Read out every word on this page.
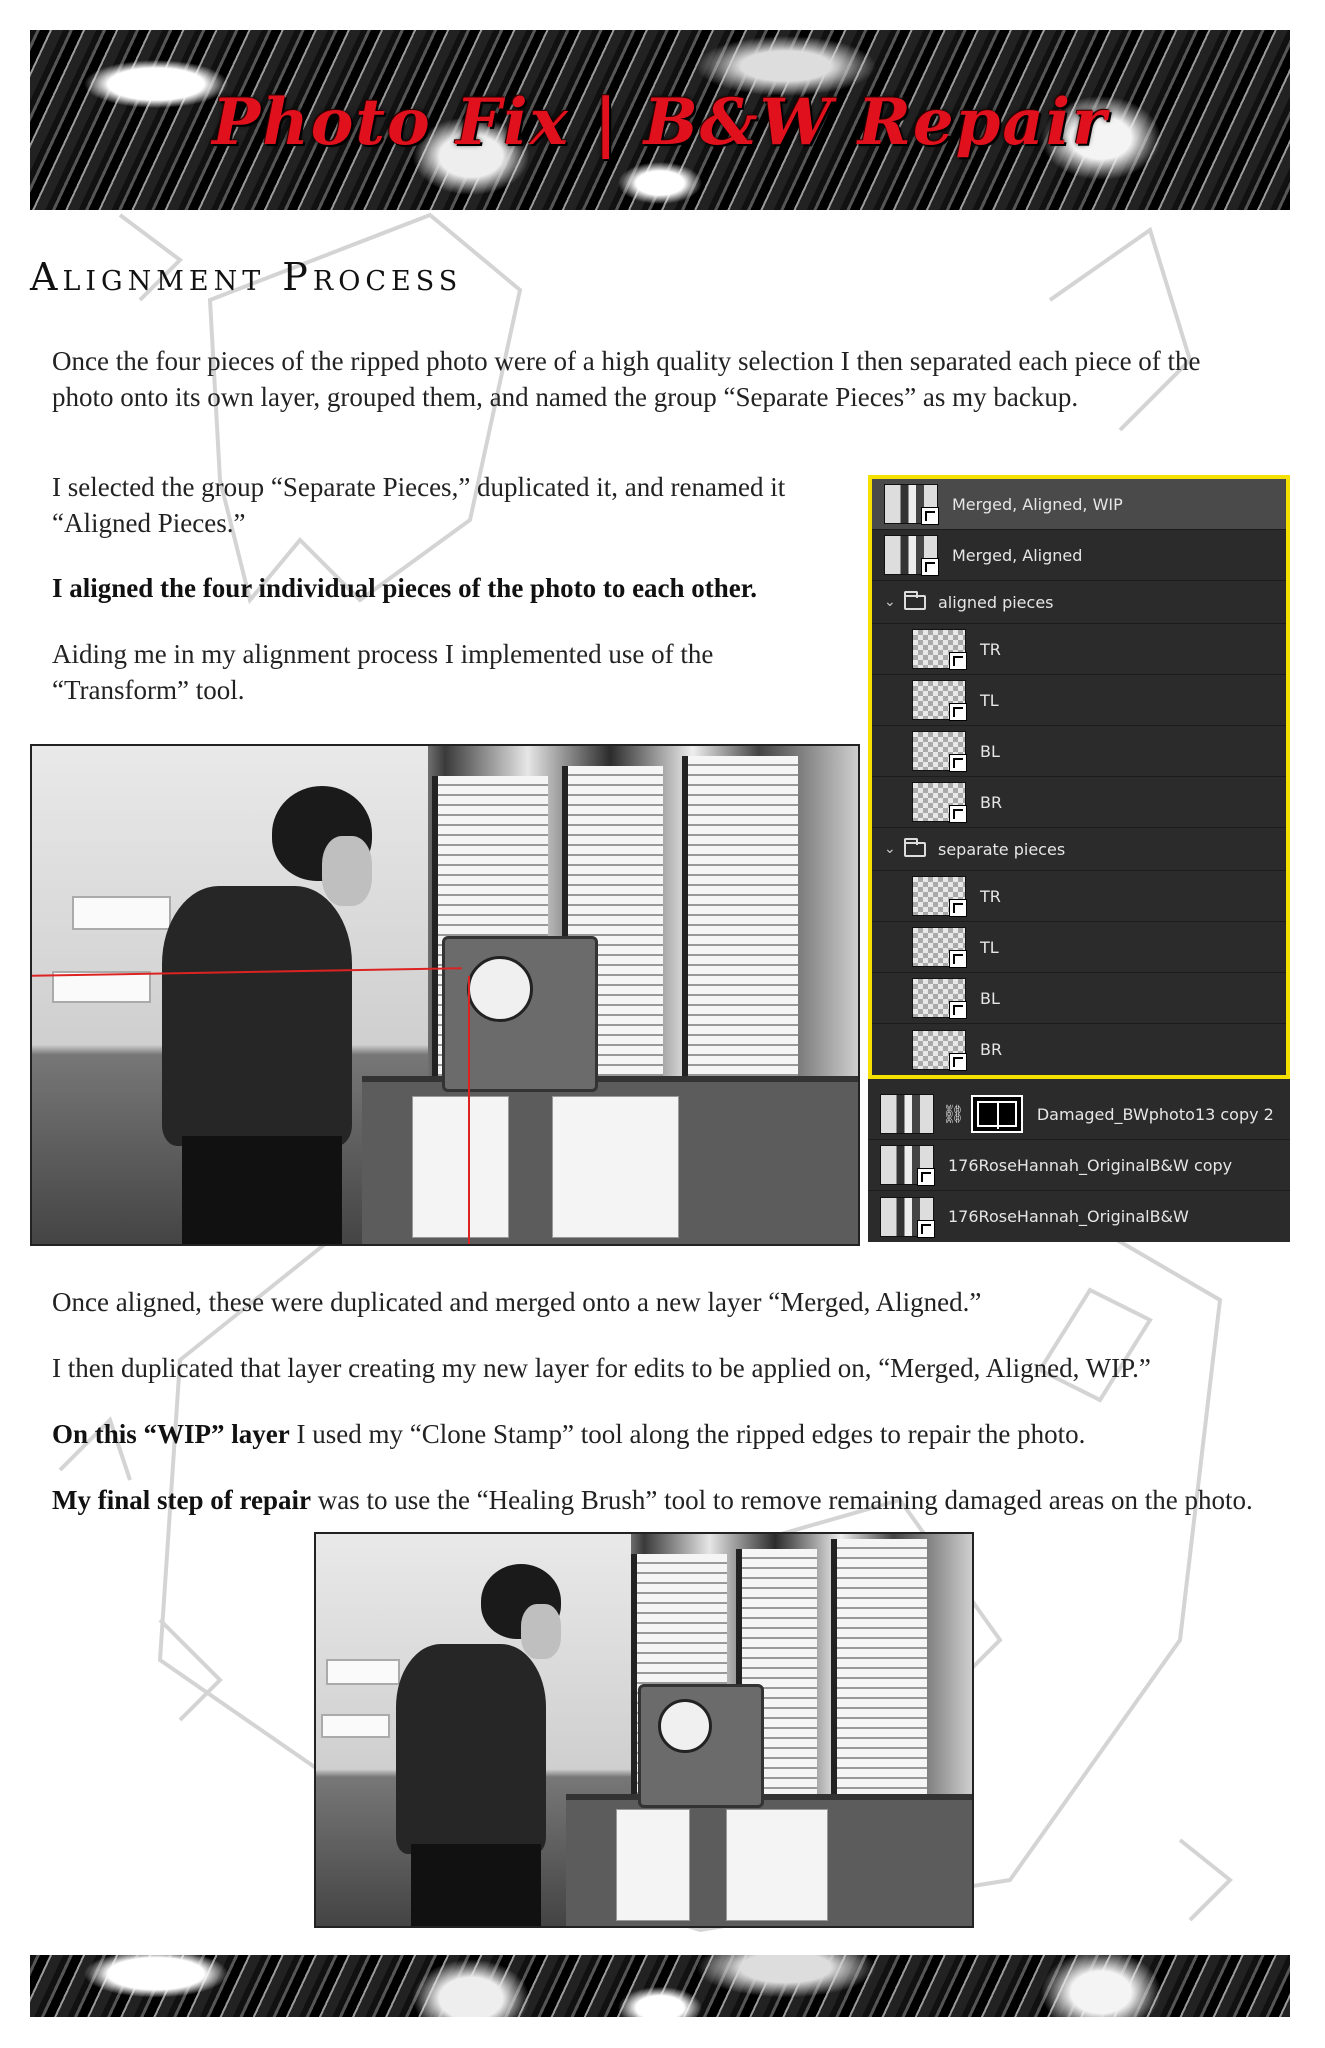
Photo Fix | B&W Repair
Alignment Process

Once the four pieces of the ripped photo were of a high quality selection I then separated each piece of the photo onto its own layer, grouped them, and named the group “Separate Pieces” as my backup.

I selected the group “Separate Pieces,” duplicated it, and renamed it “Aligned Pieces.”

I aligned the four individual pieces of the photo to each other.

Aiding me in my alignment process I implemented use of the “Transform” tool.

Merged, Aligned, WIP
Merged, Aligned
⌄	aligned pieces
TR
TL
BL
BR
⌄	separate pieces
TR
TL
BL
BR
⛓	Damaged_BWphoto13 copy 2
176RoseHannah_OriginalB&W copy
176RoseHannah_OriginalB&W

Once aligned, these were duplicated and merged onto a new layer “Merged, Aligned.”

I then duplicated that layer creating my new layer for edits to be applied on, “Merged, Aligned, WIP.”

On this “WIP” layer I used my “Clone Stamp” tool along the ripped edges to repair the photo.

My final step of repair was to use the “Healing Brush” tool to remove remaining damaged areas on the photo.
